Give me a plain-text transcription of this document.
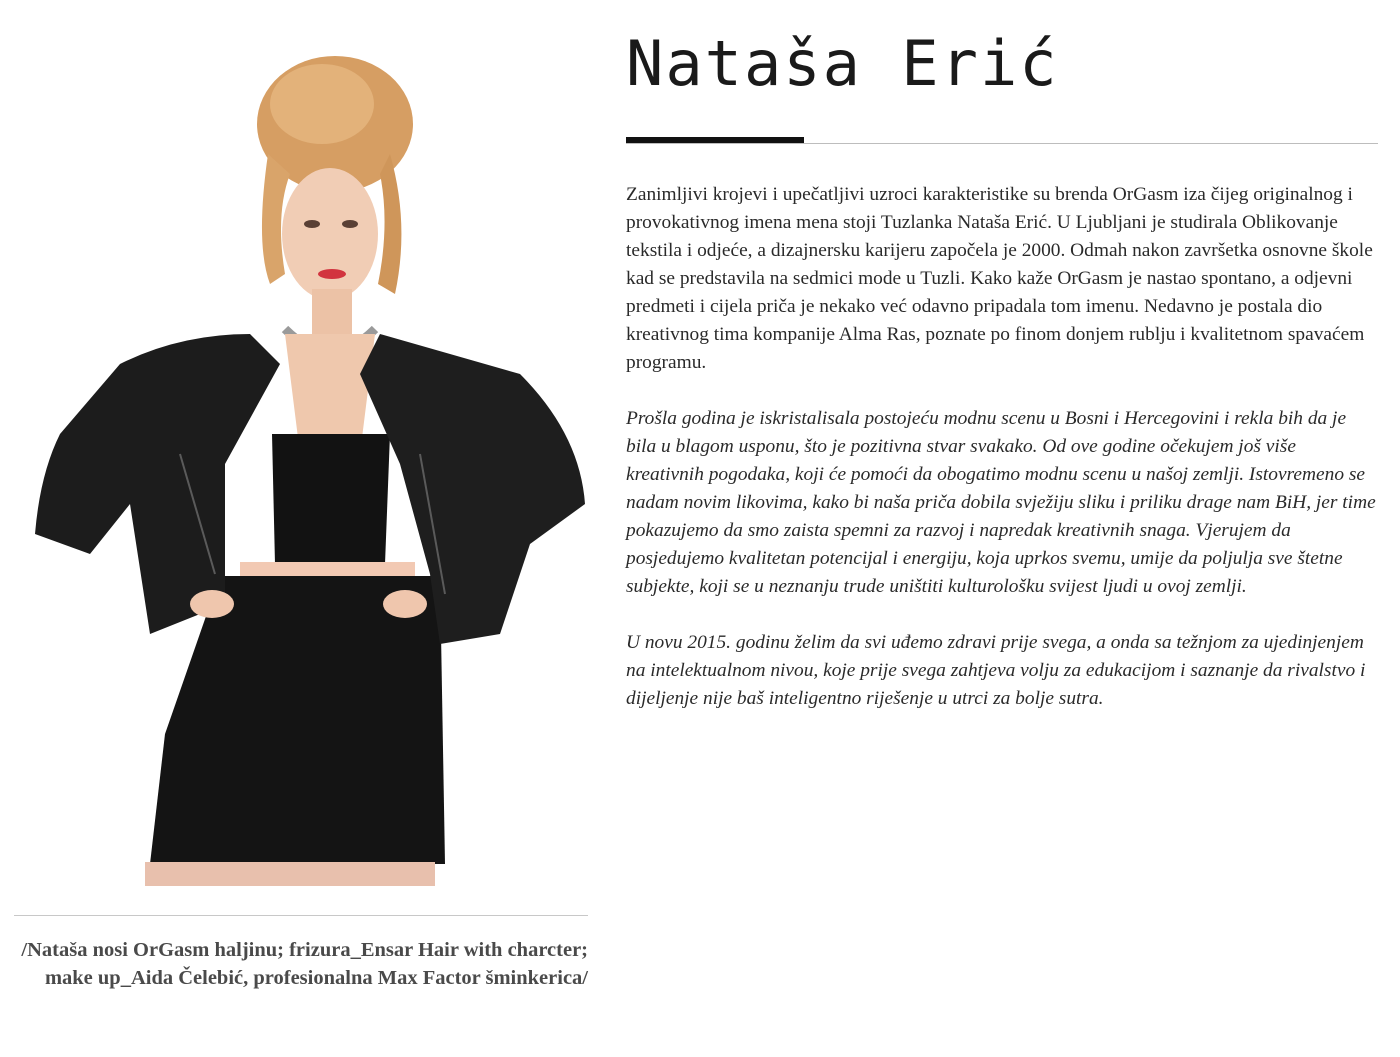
/Nataša nosi OrGasm haljinu; frizura_Ensar Hair with charcter; make up_Aida Čelebić, profesionalna Max Factor šminkerica/
Nataša Erić

Zanimljivi krojevi i upečatljivi uzroci karakteristike su brenda OrGasm iza čijeg originalnog i provokativnog imena mena stoji Tuzlanka Nataša Erić. U Ljubljani je studirala Oblikovanje tekstila i odjeće, a dizajnersku karijeru započela je 2000. Odmah nakon završetka osnovne škole kad se predstavila na sedmici mode u Tuzli. Kako kaže OrGasm je nastao spontano, a odjevni predmeti i cijela priča je nekako već odavno pripadala tom imenu. Nedavno je postala dio kreativnog tima kompanije Alma Ras, poznate po finom donjem rublju i kvalitetnom spavaćem programu.

Prošla godina je iskristalisala postojeću modnu scenu u Bosni i Hercegovini i rekla bih da je bila u blagom usponu, što je pozitivna stvar svakako. Od ove godine očekujem još više kreativnih pogodaka, koji će pomoći da obogatimo modnu scenu u našoj zemlji. Istovremeno se nadam novim likovima, kako bi naša priča dobila svježiju sliku i priliku drage nam BiH, jer time pokazujemo da smo zaista spemni za razvoj i napredak kreativnih snaga. Vjerujem da posjedujemo kvalitetan potencijal i energiju, koja uprkos svemu, umije da poljulja sve štetne subjekte, koji se u neznanju trude uništiti kulturološku svijest ljudi u ovoj zemlji.

U novu 2015. godinu želim da svi uđemo zdravi prije svega, a onda sa težnjom za ujedinjenjem na intelektualnom nivou, koje prije svega zahtjeva volju za edukacijom i saznanje da rivalstvo i dijeljenje nije baš inteligentno riješenje u utrci za bolje sutra.
